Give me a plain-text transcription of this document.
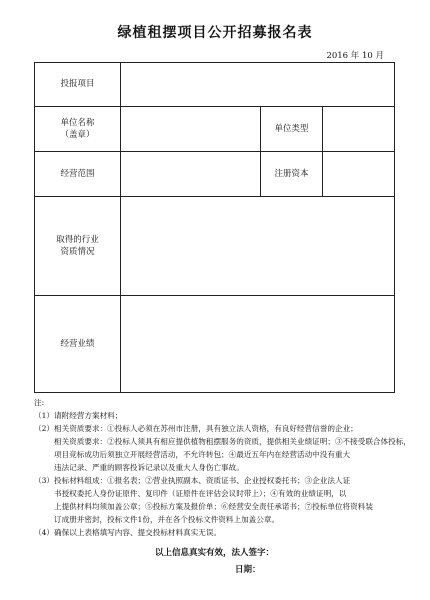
绿植租摆项目公开招募报名表
2016 年 10 月
投报项目			

单位名称
（盖章）		单位类型	
经营范围		注册资本	

取得的行业
资质情况			

经营业绩			
注:
（1）请附经营方案材料；
（2）相关资质要求：①投标人必须在苏州市注册，具有独立法人资格，有良好经营信誉的企业；
相关资质要求：②投标人须具有相应提供植物租摆服务的资质，提供相关业绩证明；③不接受联合体投标，
项目竞标成功后须独立开展经营活动，不允许转包；④最近五年内在经营活动中没有重大
违法记录、严重的顾客投诉记录以及重大人身伤亡事故。
（3）投标材料组成：①报名表；②营业执照副本、资质证书、企业授权委托书；③企业法人证
书授权委托人身份证原件、复印件（证原件在评估会议时带上）；④有效的业绩证明，以
上提供材料均须加盖公章；⑤投标方案及报价单；⑥经营安全责任承诺书；⑦投标单位将资料装
订成册并密封，投标文件1份，并在各个投标文件资料上加盖公章。
（4）确保以上表格填写内容、提交投标材料真实无误。
以上信息真实有效，法人签字：
日期：
